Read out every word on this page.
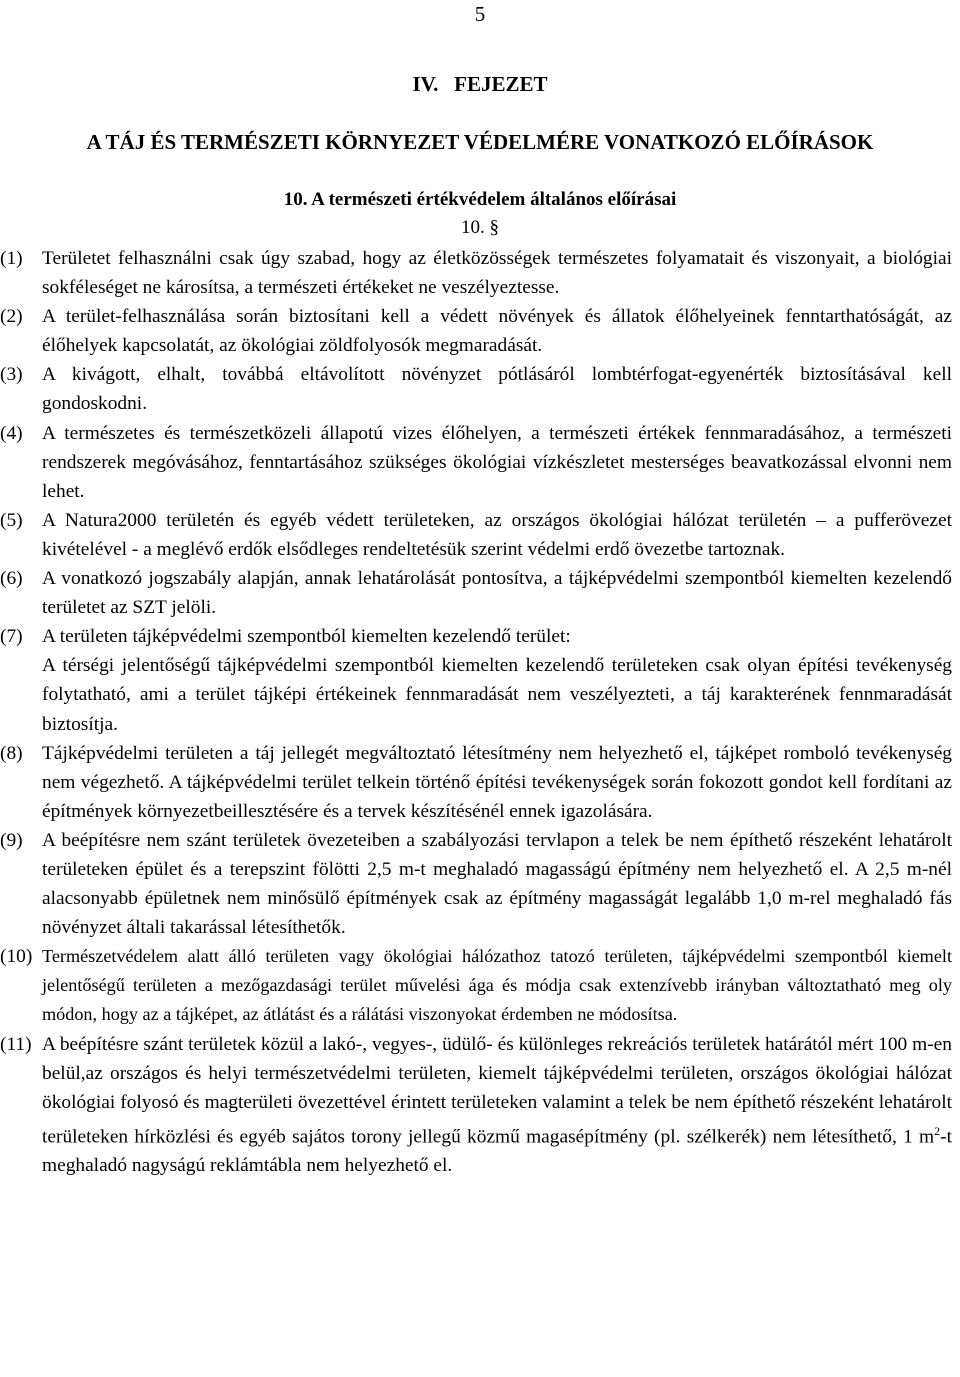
5
IV.   FEJEZET
A TÁJ ÉS TERMÉSZETI KÖRNYEZET VÉDELMÉRE VONATKOZÓ ELŐÍRÁSOK
10. A természeti értékvédelem általános előírásai
10. §
(1) Területet felhasználni csak úgy szabad, hogy az életközösségek természetes folyamatait és viszonyait, a biológiai sokféleséget ne károsítsa, a természeti értékeket ne veszélyeztesse.
(2) A terület-felhasználása során biztosítani kell a védett növények és állatok élőhelyeinek fenntarthatóságát, az élőhelyek kapcsolatát, az ökológiai zöldfolyosók megmaradását.
(3) A kivágott, elhalt, továbbá eltávolított növényzet pótlásáról lombtérfogat-egyenérték biztosításával kell gondoskodni.
(4) A természetes és természetközeli állapotú vizes élőhelyen, a természeti értékek fennmaradásához, a természeti rendszerek megóvásához, fenntartásához szükséges ökológiai vízkészletet mesterséges beavatkozással elvonni nem lehet.
(5) A Natura2000 területén és egyéb védett területeken, az országos ökológiai hálózat területén – a pufferövezet kivételével - a meglévő erdők elsődleges rendeltetésük szerint védelmi erdő övezetbe tartoznak.
(6) A vonatkozó jogszabály alapján, annak lehatárolását pontosítva, a tájképvédelmi szempontból kiemelten kezelendő területet az SZT jelöli.
(7) A területen tájképvédelmi szempontból kiemelten kezelendő terület:
A térségi jelentőségű tájképvédelmi szempontból kiemelten kezelendő területeken csak olyan építési tevékenység folytatható, ami a terület tájképi értékeinek fennmaradását nem veszélyezteti, a táj karakterének fennmaradását biztosítja.
(8) Tájképvédelmi területen a táj jellegét megváltoztató létesítmény nem helyezhető el, tájképet romboló tevékenység nem végezhető. A tájképvédelmi terület telkein történő építési tevékenységek során fokozott gondot kell fordítani az építmények környezetbeillesztésére és a tervek készítésénél ennek igazolására.
(9) A beépítésre nem szánt területek övezeteiben a szabályozási tervlapon a telek be nem építhető részeként lehatárolt területeken épület és a terepszint fölötti 2,5 m-t meghaladó magasságú építmény nem helyezhető el. A 2,5 m-nél alacsonyabb épületnek nem minősülő építmények csak az építmény magasságát legalább 1,0 m-rel meghaladó fás növényzet általi takarással létesíthetők.
(10) Természetvédelem alatt álló területen vagy ökológiai hálózathoz tatozó területen, tájképvédelmi szempontból kiemelt jelentőségű területen a mezőgazdasági terület művelési ága és módja csak extenzívebb irányban változtatható meg oly módon, hogy az a tájképet, az átlátást és a rálátási viszonyokat érdemben ne módosítsa.
(11) A beépítésre szánt területek közül a lakó-, vegyes-, üdülő- és különleges rekreációs területek határától mért 100 m-en belül,az országos és helyi természetvédelmi területen, kiemelt tájképvédelmi területen, országos ökológiai hálózat ökológiai folyosó és magterületi övezettével érintett területeken valamint a telek be nem építhető részeként lehatárolt területeken hírközlési és egyéb sajátos torony jellegű közmű magasépítmény (pl. szélkerék) nem létesíthető, 1 $m^2-t$ meghaladó nagyságú reklámtábla nem helyezhető el.
